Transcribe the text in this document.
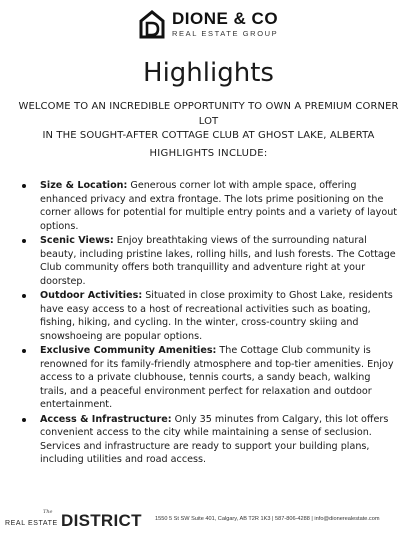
DIONE & CO
REAL ESTATE GROUP
Highlights
WELCOME TO AN INCREDIBLE OPPORTUNITY TO OWN A PREMIUM CORNER LOT
IN THE SOUGHT-AFTER COTTAGE CLUB AT GHOST LAKE, ALBERTA
HIGHLIGHTS INCLUDE:
Size & Location: Generous corner lot with ample space, offering enhanced privacy and extra frontage. The lots prime positioning on the corner allows for potential for multiple entry points and a variety of layout options.
Scenic Views: Enjoy breathtaking views of the surrounding natural beauty, including pristine lakes, rolling hills, and lush forests. The Cottage Club community offers both tranquillity and adventure right at your doorstep.
Outdoor Activities: Situated in close proximity to Ghost Lake, residents have easy access to a host of recreational activities such as boating, fishing, hiking, and cycling. In the winter, cross-country skiing and snowshoeing are popular options.
Exclusive Community Amenities: The Cottage Club community is renowned for its family-friendly atmosphere and top-tier amenities. Enjoy access to a private clubhouse, tennis courts, a sandy beach, walking trails, and a peaceful environment perfect for relaxation and outdoor entertainment.
Access & Infrastructure: Only 35 minutes from Calgary, this lot offers convenient access to the city while maintaining a sense of seclusion. Services and infrastructure are ready to support your building plans, including utilities and road access.
The
REAL ESTATE DISTRICT 1550 5 St SW Suite 401, Calgary, AB T2R 1K3 | 587-806-4288 | info@dionerealestate.com
